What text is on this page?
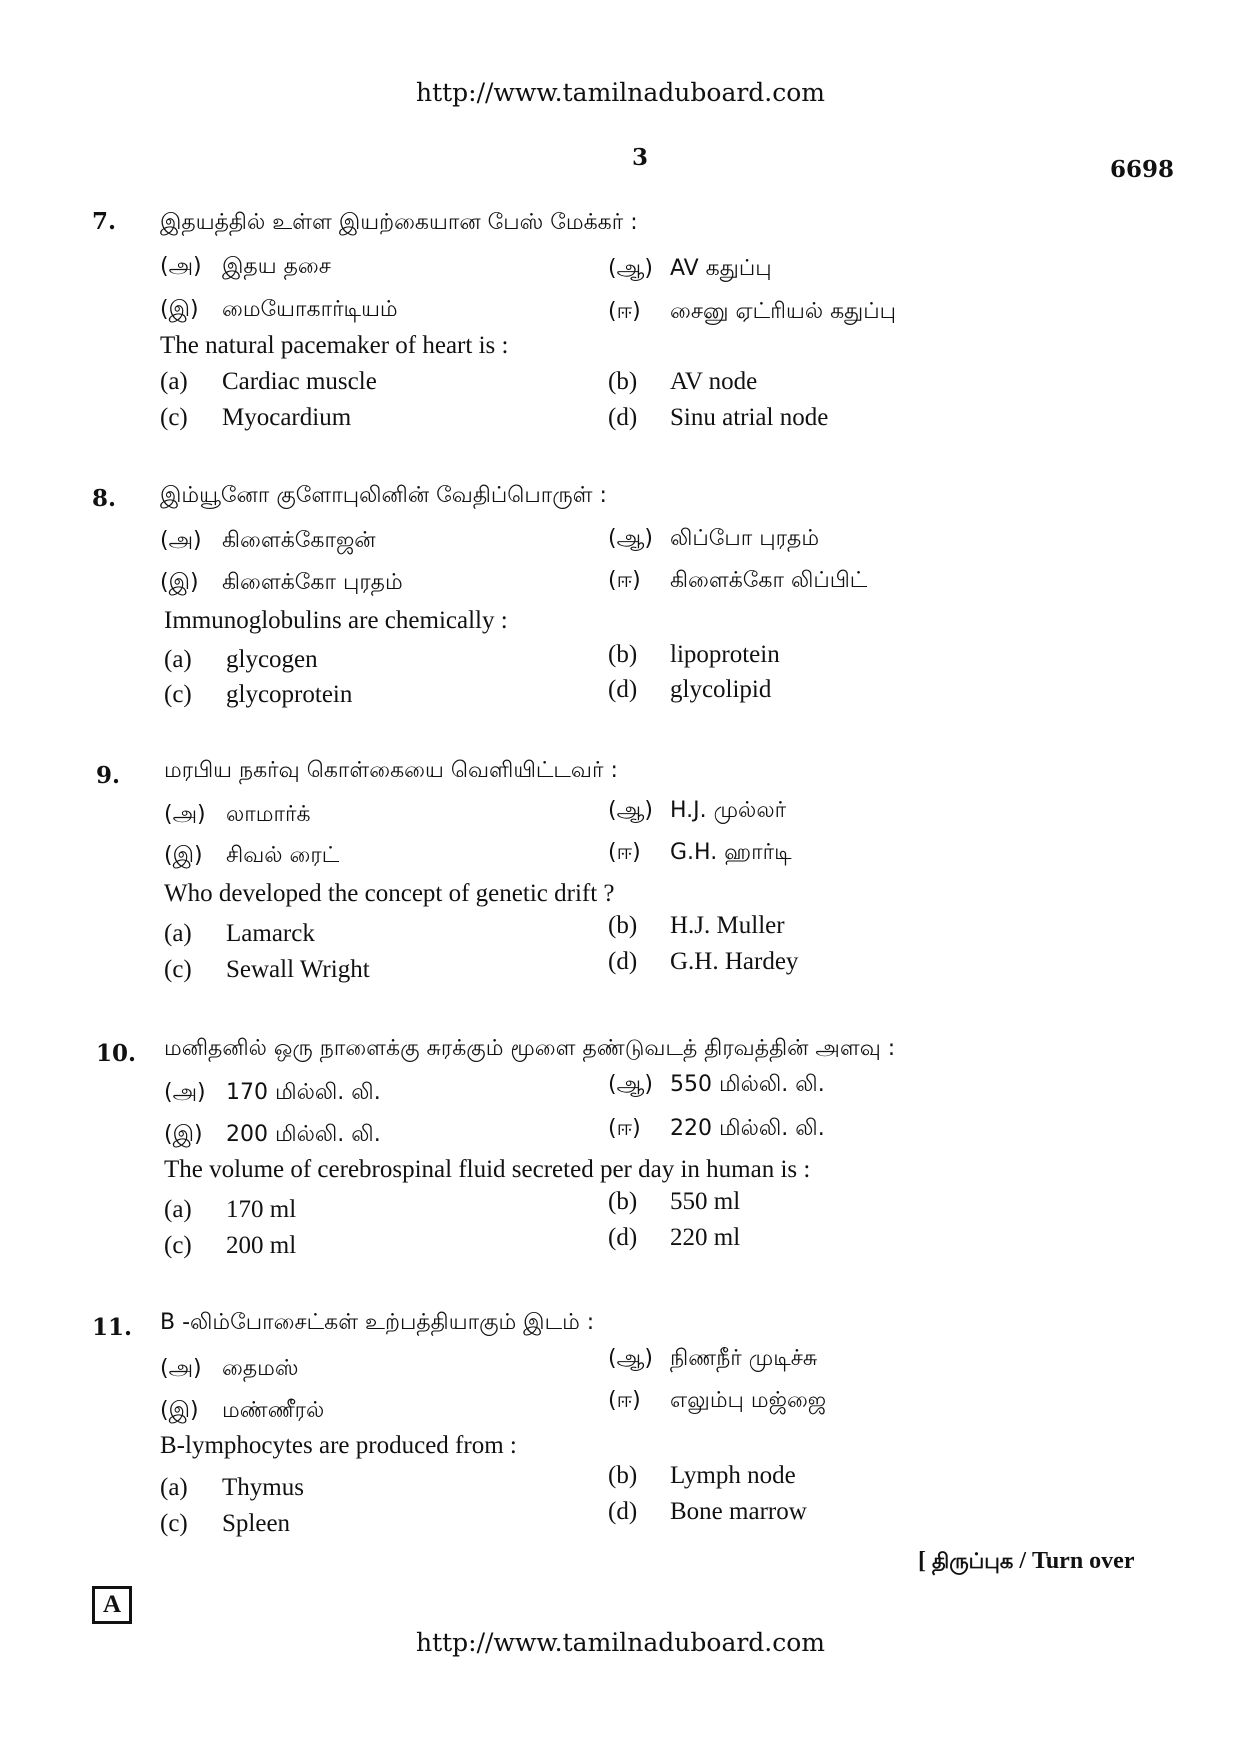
http://www.tamilnaduboard.com
3	6698
7. இதயத்தில் உள்ள இயற்கையான பேஸ் மேக்கர் :
(அ) இதய தசை	(ஆ) AV கதுப்பு
(இ) மையோகார்டியம்	(ஈ) சைனு ஏட்ரியல் கதுப்பு
The natural pacemaker of heart is :
(a) Cardiac muscle	(b) AV node
(c) Myocardium	(d) Sinu atrial node
8. இம்யூனோ குளோபுலினின் வேதிப்பொருள் :
(அ) கிளைக்கோஜன்	(ஆ) லிப்போ புரதம்
(இ) கிளைக்கோ புரதம்	(ஈ) கிளைக்கோ லிப்பிட்
Immunoglobulins are chemically :
(a) glycogen	(b) lipoprotein
(c) glycoprotein	(d) glycolipid
9. மரபிய நகர்வு கொள்கையை வெளியிட்டவர் :
(அ) லாமார்க்	(ஆ) H.J. முல்லர்
(இ) சிவல் ரைட்	(ஈ) G.H. ஹார்டி
Who developed the concept of genetic drift ?
(a) Lamarck	(b) H.J. Muller
(c) Sewall Wright	(d) G.H. Hardey
10. மனிதனில் ஒரு நாளைக்கு சுரக்கும் மூளை தண்டுவடத் திரவத்தின் அளவு :
(அ) 170 மில்லி. லி.	(ஆ) 550 மில்லி. லி.
(இ) 200 மில்லி. லி.	(ஈ) 220 மில்லி. லி.
The volume of cerebrospinal fluid secreted per day in human is :
(a) 170 ml	(b) 550 ml
(c) 200 ml	(d) 220 ml
11. B -லிம்போசைட்கள் உற்பத்தியாகும் இடம் :
(அ) தைமஸ்	(ஆ) நிணநீர் முடிச்சு
(இ) மண்ணீரல்	(ஈ) எலும்பு மஜ்ஜை
B-lymphocytes are produced from :
(a) Thymus	(b) Lymph node
(c) Spleen	(d) Bone marrow
[ திருப்புக / Turn over
A
http://www.tamilnaduboard.com
